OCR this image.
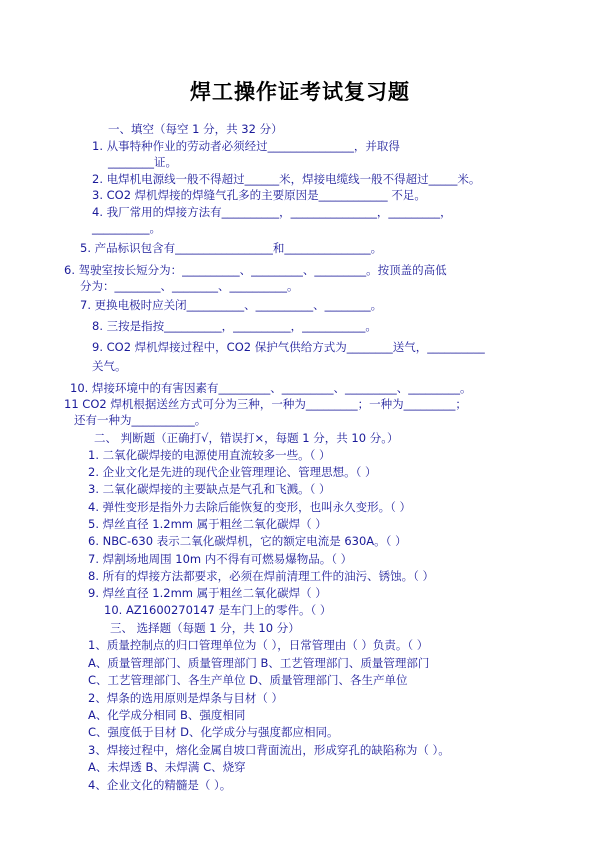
焊工操作证考试复习题
一、填空（每空 1 分，共 32 分）
1. 从事特种作业的劳动者必须经过_______________，并取得
________证。
2. 电焊机电源线一般不得超过______米，焊接电缆线一般不得超过_____米。
3. CO2 焊机焊接的焊缝气孔多的主要原因是____________ 不足。
4. 我厂常用的焊接方法有__________，_______________，_________，
__________。
5. 产品标识包含有_________________和_______________。
6. 驾驶室按长短分为：__________、_________、_________。按顶盖的高低
分为：________、________、__________。
7. 更换电极时应关闭__________、__________、________。
8. 三按是指按__________，__________，___________。
9. CO2 焊机焊接过程中，CO2 保护气供给方式为________送气，__________
关气。
10. 焊接环境中的有害因素有_________、_________、_________、_________。
11 CO2 焊机根据送丝方式可分为三种，一种为_________；一种为_________；
还有一种为___________。
二、 判断题（正确打√，错误打×，每题 1 分，共 10 分。）
1. 二氧化碳焊接的电源使用直流较多一些。（ ）
2. 企业文化是先进的现代企业管理理论、管理思想。（ ）
3. 二氧化碳焊接的主要缺点是气孔和飞溅。（ ）
4. 弹性变形是指外力去除后能恢复的变形，也叫永久变形。（ ）
5. 焊丝直径 1.2mm 属于粗丝二氧化碳焊（ ）
6. NBC-630 表示二氧化碳焊机，它的额定电流是 630A。（ ）
7. 焊割场地周围 10m 内不得有可燃易爆物品。（ ）
8. 所有的焊接方法都要求，必须在焊前清理工件的油污、锈蚀。（ ）
9. 焊丝直径 1.2mm 属于粗丝二氧化碳焊（ ）
10. AZ1600270147 是车门上的零件。（ ）
三、 选择题（每题 1 分，共 10 分）
1、质量控制点的归口管理单位为（ ），日常管理由（ ）负责。（ ）
A、质量管理部门、质量管理部门 B、工艺管理部门、质量管理部门
C、工艺管理部门、各生产单位 D、质量管理部门、各生产单位
2、焊条的选用原则是焊条与目材（ ）
A、化学成分相同 B、强度相同
C、强度低于目材 D、化学成分与强度都应相同。
3、焊接过程中，熔化金属自坡口背面流出，形成穿孔的缺陷称为（ ）。
A、未焊透 B、未焊满 C、烧穿
4、企业文化的精髓是（ ）。
